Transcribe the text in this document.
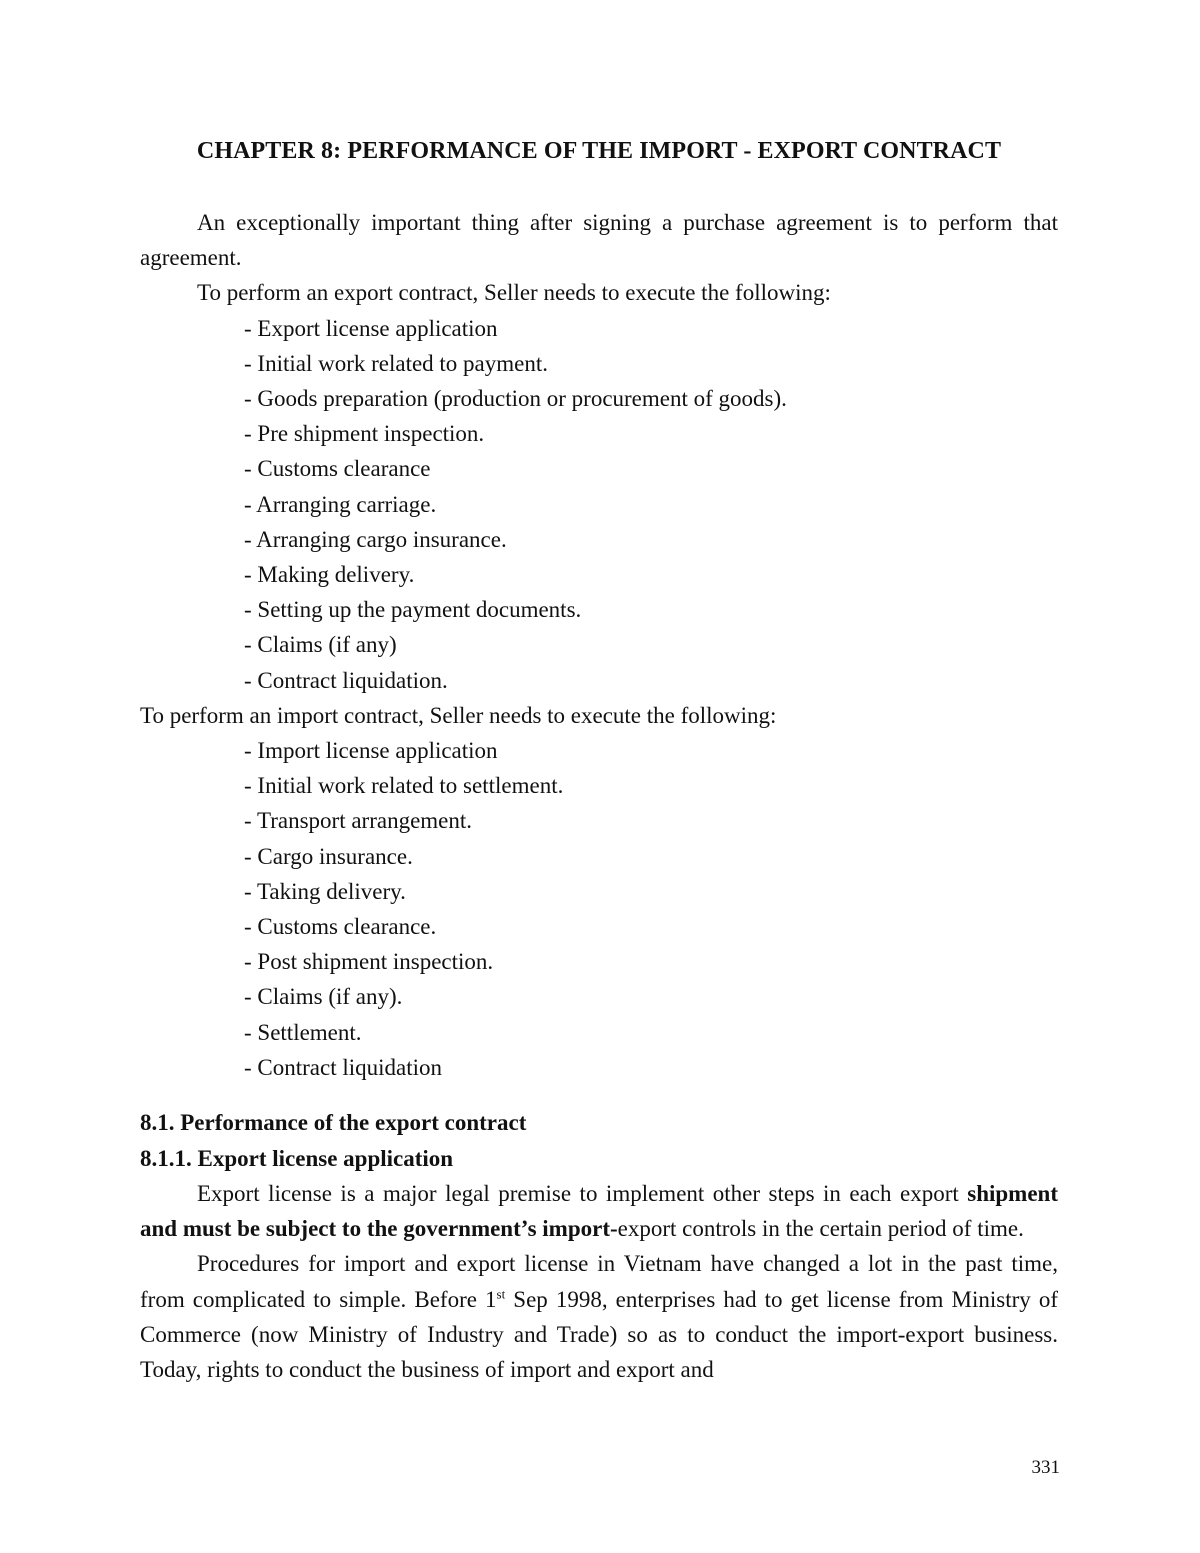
CHAPTER 8: PERFORMANCE OF THE IMPORT - EXPORT CONTRACT

An exceptionally important thing after signing a purchase agreement is to perform that agreement.

To perform an export contract, Seller needs to execute the following:

- Export license application
- Initial work related to payment.
- Goods preparation (production or procurement of goods).
- Pre shipment inspection.
- Customs clearance
- Arranging carriage.
- Arranging cargo insurance.
- Making delivery.
- Setting up the payment documents.
- Claims (if any)
- Contract liquidation.

To perform an import contract, Seller needs to execute the following:

- Import license application
- Initial work related to settlement.
- Transport arrangement.
- Cargo insurance.
- Taking delivery.
- Customs clearance.
- Post shipment inspection.
- Claims (if any).
- Settlement.
- Contract liquidation
8.1. Performance of the export contract
8.1.1. Export license application

Export license is a major legal premise to implement other steps in each export shipment and must be subject to the government’s import-export controls in the certain period of time.

Procedures for import and export license in Vietnam have changed a lot in the past time, from complicated to simple. Before 1st Sep 1998, enterprises had to get license from Ministry of Commerce (now Ministry of Industry and Trade) so as to conduct the import-export business. Today, rights to conduct the business of import and export and

331
